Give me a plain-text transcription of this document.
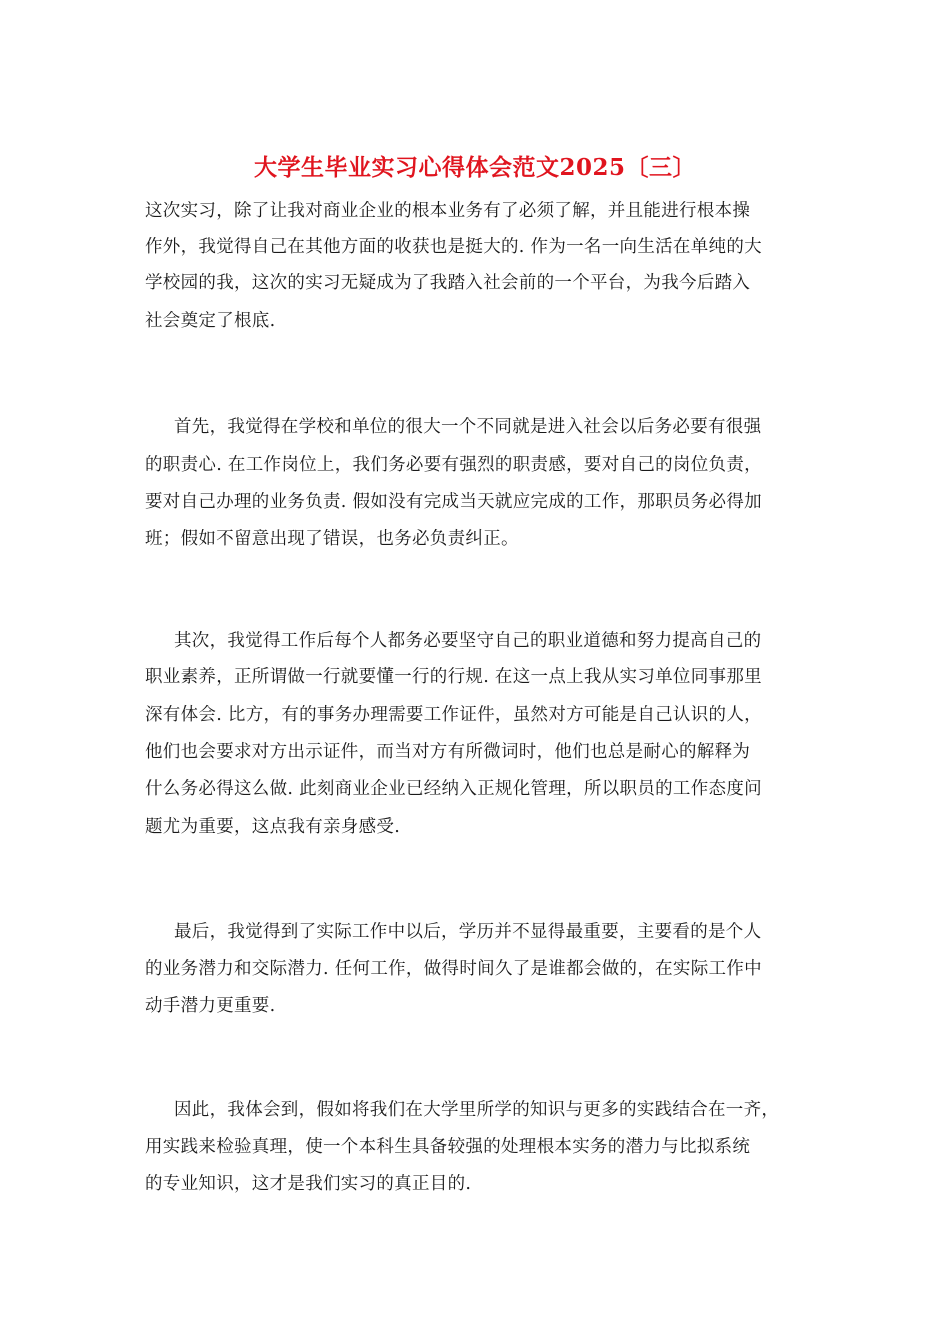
大学生毕业实习心得体会范文2025〔三〕
这次实习，除了让我对商业企业的根本业务有了必须了解，并且能进行根本操
作外，我觉得自己在其他方面的收获也是挺大的. 作为一名一向生活在单纯的大
学校园的我，这次的实习无疑成为了我踏入社会前的一个平台，为我今后踏入
社会奠定了根底.
首先，我觉得在学校和单位的很大一个不同就是进入社会以后务必要有很强
的职责心. 在工作岗位上，我们务必要有强烈的职责感，要对自己的岗位负责，
要对自己办理的业务负责. 假如没有完成当天就应完成的工作，那职员务必得加
班；假如不留意出现了错误，也务必负责纠正。
其次，我觉得工作后每个人都务必要坚守自己的职业道德和努力提高自己的
职业素养，正所谓做一行就要懂一行的行规. 在这一点上我从实习单位同事那里
深有体会. 比方，有的事务办理需要工作证件，虽然对方可能是自己认识的人，
他们也会要求对方出示证件，而当对方有所微词时，他们也总是耐心的解释为
什么务必得这么做. 此刻商业企业已经纳入正规化管理，所以职员的工作态度问
题尤为重要，这点我有亲身感受.
最后，我觉得到了实际工作中以后，学历并不显得最重要，主要看的是个人
的业务潜力和交际潜力. 任何工作，做得时间久了是谁都会做的，在实际工作中
动手潜力更重要.
因此，我体会到，假如将我们在大学里所学的知识与更多的实践结合在一齐，
用实践来检验真理，使一个本科生具备较强的处理根本实务的潜力与比拟系统
的专业知识，这才是我们实习的真正目的.
